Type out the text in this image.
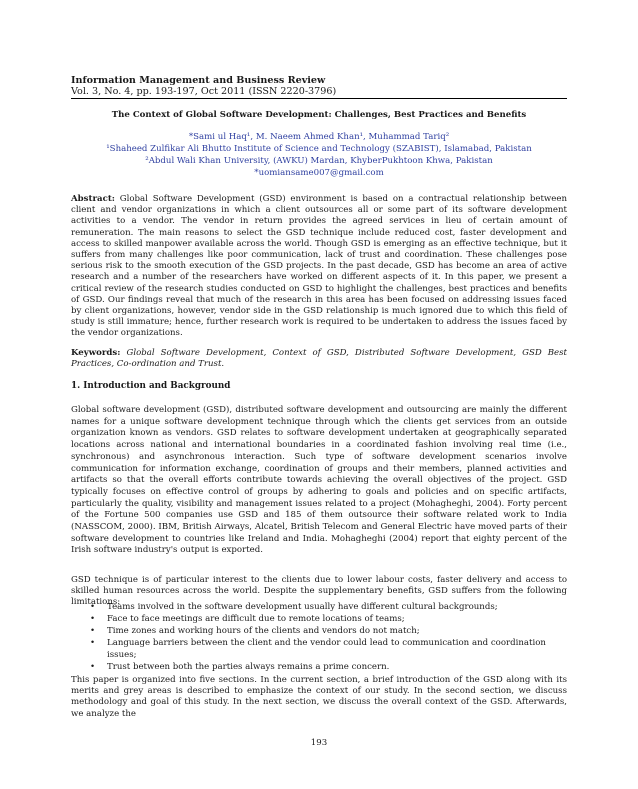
Information Management and Business Review
Vol. 3, No. 4, pp. 193-197, Oct 2011 (ISSN 2220-3796)
The Context of Global Software Development: Challenges, Best Practices and Benefits
*Sami ul Haq¹, M. Naeem Ahmed Khan¹, Muhammad Tariq²
¹Shaheed Zulfikar Ali Bhutto Institute of Science and Technology (SZABIST), Islamabad, Pakistan
²Abdul Wali Khan University, (AWKU) Mardan, KhyberPukhtoon Khwa, Pakistan
*uomiansame007@gmail.com

Abstract: Global Software Development (GSD) environment is based on a contractual relationship between client and vendor organizations in which a client outsources all or some part of its software development activities to a vendor. The vendor in return provides the agreed services in lieu of certain amount of remuneration. The main reasons to select the GSD technique include reduced cost, faster development and access to skilled manpower available across the world. Though GSD is emerging as an effective technique, but it suffers from many challenges like poor communication, lack of trust and coordination. These challenges pose serious risk to the smooth execution of the GSD projects. In the past decade, GSD has become an area of active research and a number of the researchers have worked on different aspects of it. In this paper, we present a critical review of the research studies conducted on GSD to highlight the challenges, best practices and benefits of GSD. Our findings reveal that much of the research in this area has been focused on addressing issues faced by client organizations, however, vendor side in the GSD relationship is much ignored due to which this field of study is still immature; hence, further research work is required to be undertaken to address the issues faced by the vendor organizations.

Keywords: Global Software Development, Context of GSD, Distributed Software Development, GSD Best Practices, Co-ordination and Trust.

1. Introduction and Background

Global software development (GSD), distributed software development and outsourcing are mainly the different names for a unique software development technique through which the clients get services from an outside organization known as vendors. GSD relates to software development undertaken at geographically separated locations across national and international boundaries in a coordinated fashion involving real time (i.e., synchronous) and asynchronous interaction. Such type of software development scenarios involve communication for information exchange, coordination of groups and their members, planned activities and artifacts so that the overall efforts contribute towards achieving the overall objectives of the project. GSD typically focuses on effective control of groups by adhering to goals and policies and on specific artifacts, particularly the quality, visibility and management issues related to a project (Mohagheghi, 2004). Forty percent of the Fortune 500 companies use GSD and 185 of them outsource their software related work to India (NASSCOM, 2000). IBM, British Airways, Alcatel, British Telecom and General Electric have moved parts of their software development to countries like Ireland and India. Mohagheghi (2004) report that eighty percent of the Irish software industry's output is exported.

GSD technique is of particular interest to the clients due to lower labour costs, faster delivery and access to skilled human resources across the world. Despite the supplementary benefits, GSD suffers from the following limitations:

• Teams involved in the software development usually have different cultural backgrounds;
• Face to face meetings are difficult due to remote locations of teams;
• Time zones and working hours of the clients and vendors do not match;
• Language barriers between the client and the vendor could lead to communication and coordination issues;
• Trust between both the parties always remains a prime concern.

This paper is organized into five sections. In the current section, a brief introduction of the GSD along with its merits and grey areas is described to emphasize the context of our study. In the second section, we discuss methodology and goal of this study. In the next section, we discuss the overall context of the GSD. Afterwards, we analyze the

193
